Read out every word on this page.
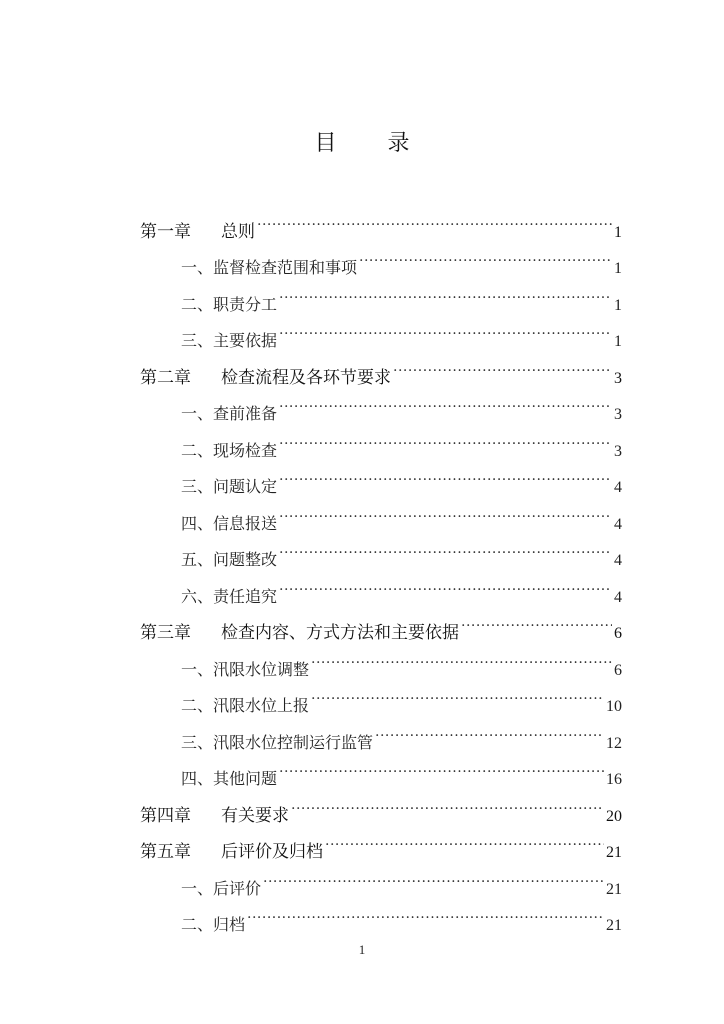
目 录
第一章	总则 .....	1
一、 监督检查范围和事项 .....	1
二、 职责分工 .....	1
三、 主要依据 .....	1
第二章	检查流程及各环节要求 .....	3
一、 查前准备 .....	3
二、 现场检查 .....	3
三、 问题认定 .....	4
四、 信息报送 .....	4
五、 问题整改 .....	4
六、 责任追究 .....	4
第三章	检查内容、方式方法和主要依据 .....	6
一、 汛限水位调整 .....	6
二、 汛限水位上报 .....	10
三、 汛限水位控制运行监管 .....	12
四、 其他问题 .....	16
第四章	有关要求 .....	20
第五章	后评价及归档 .....	21
一、 后评价 .....	21
二、 归档 .....	21
1
